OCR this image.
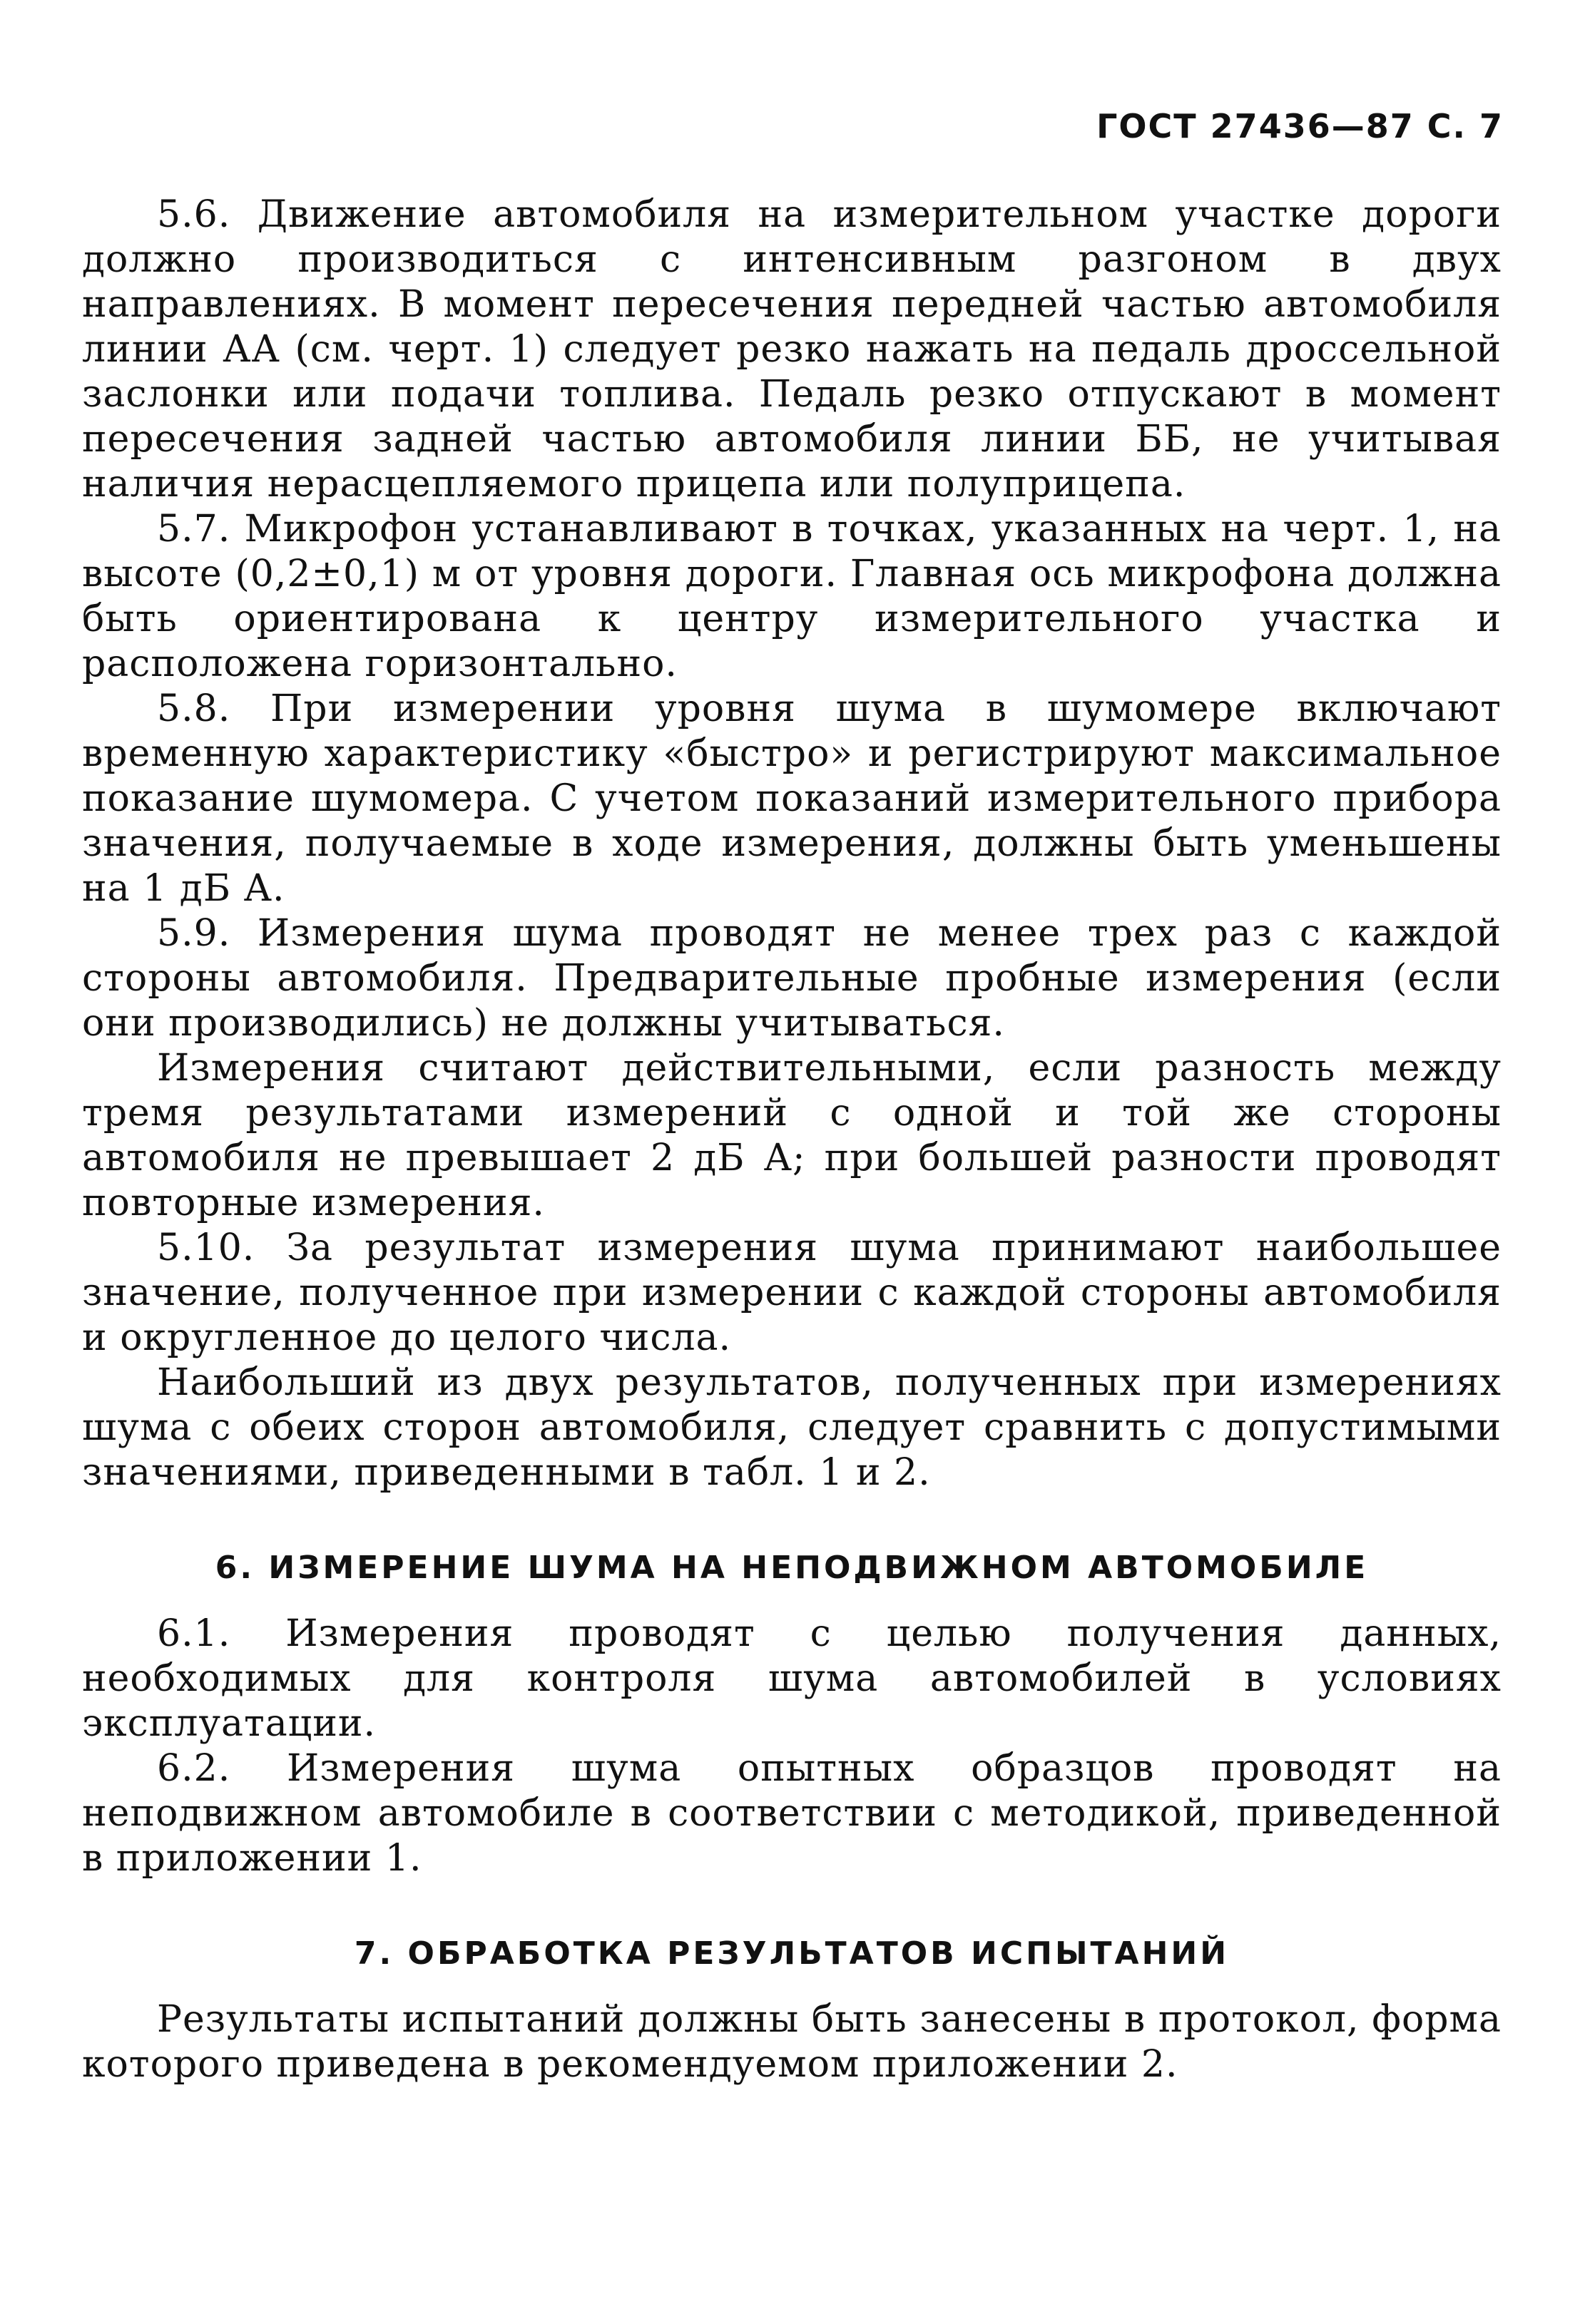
ГОСТ 27436—87 С. 7

5.6. Движение автомобиля на измерительном участке дороги должно производиться с интенсивным разгоном в двух направлениях. В момент пересечения передней частью автомобиля линии АА (см. черт. 1) следует резко нажать на педаль дроссельной заслонки или подачи топлива. Педаль резко отпускают в момент пересечения задней частью автомобиля линии ББ, не учитывая наличия нерасцепляемого прицепа или полуприцепа.

5.7. Микрофон устанавливают в точках, указанных на черт. 1, на высоте (0,2±0,1) м от уровня дороги. Главная ось микрофона должна быть ориентирована к центру измерительного участка и расположена горизонтально.

5.8. При измерении уровня шума в шумомере включают временную характеристику «быстро» и регистрируют максимальное показание шумомера. С учетом показаний измерительного прибора значения, получаемые в ходе измерения, должны быть уменьшены на 1 дБ А.

5.9. Измерения шума проводят не менее трех раз с каждой стороны автомобиля. Предварительные пробные измерения (если они производились) не должны учитываться.

Измерения считают действительными, если разность между тремя результатами измерений с одной и той же стороны автомобиля не превышает 2 дБ А; при большей разности проводят повторные измерения.

5.10. За результат измерения шума принимают наибольшее значение, полученное при измерении с каждой стороны автомобиля и округленное до целого числа.

Наибольший из двух результатов, полученных при измерениях шума с обеих сторон автомобиля, следует сравнить с допустимыми значениями, приведенными в табл. 1 и 2.

6. ИЗМЕРЕНИЕ ШУМА НА НЕПОДВИЖНОМ АВТОМОБИЛЕ

6.1. Измерения проводят с целью получения данных, необходимых для контроля шума автомобилей в условиях эксплуатации.

6.2. Измерения шума опытных образцов проводят на неподвижном автомобиле в соответствии с методикой, приведенной в приложении 1.

7. ОБРАБОТКА РЕЗУЛЬТАТОВ ИСПЫТАНИЙ

Результаты испытаний должны быть занесены в протокол, форма которого приведена в рекомендуемом приложении 2.
